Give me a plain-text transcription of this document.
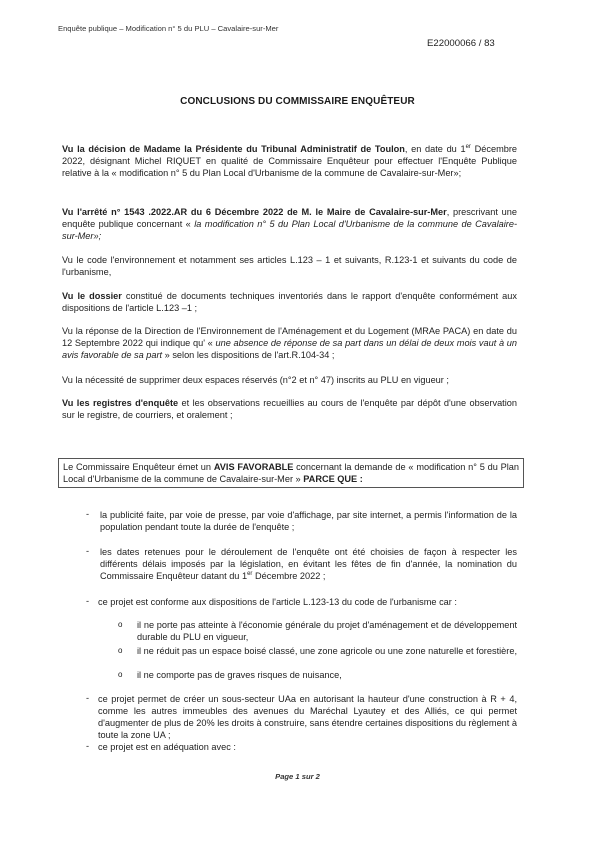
Enquête publique – Modification n° 5 du PLU – Cavalaire-sur-Mer
E22000066 / 83
CONCLUSIONS DU COMMISSAIRE ENQUÊTEUR
Vu la décision de Madame la Présidente du Tribunal Administratif de Toulon, en date du 1er Décembre 2022, désignant Michel RIQUET en qualité de Commissaire Enquêteur pour effectuer l'Enquête Publique relative à la « modification n° 5 du Plan Local d'Urbanisme de la commune de Cavalaire-sur-Mer»;
Vu l'arrêté n° 1543 .2022.AR du 6 Décembre 2022 de M. le Maire de Cavalaire-sur-Mer, prescrivant une enquête publique concernant « la modification n° 5 du Plan Local d'Urbanisme de la commune de Cavalaire-sur-Mer»;
Vu le code l'environnement et notamment ses articles L.123 – 1 et suivants, R.123-1 et suivants du code de l'urbanisme,
Vu le dossier constitué de documents techniques inventoriés dans le rapport d'enquête conformément aux dispositions de l'article L.123 –1 ;
Vu la réponse de la Direction de l'Environnement de l'Aménagement et du Logement (MRAe PACA) en date du 12 Septembre 2022 qui indique qu' « une absence de réponse de sa part dans un délai de deux mois vaut à un avis favorable de sa part » selon les dispositions de l'art.R.104-34 ;
Vu la nécessité de supprimer deux espaces réservés (n°2 et n° 47) inscrits au PLU en vigueur ;
Vu les registres d'enquête et les observations recueillies au cours de l'enquête par dépôt d'une observation sur le registre, de courriers, et oralement ;
Le Commissaire Enquêteur émet un AVIS FAVORABLE concernant la demande de « modification n° 5 du Plan Local d'Urbanisme de la commune de Cavalaire-sur-Mer » PARCE QUE :
- la publicité faite, par voie de presse, par voie d'affichage, par site internet, a permis l'information de la population pendant toute la durée de l'enquête ;
- les dates retenues pour le déroulement de l'enquête ont été choisies de façon à respecter les différents délais imposés par la législation, en évitant les fêtes de fin d'année, la nomination du Commissaire Enquêteur datant du 1er Décembre 2022 ;
- ce projet est conforme aux dispositions de l'article L.123-13 du code de l'urbanisme car :
o il ne porte pas atteinte à l'économie générale du projet d'aménagement et de développement durable du PLU en vigueur,
o il ne réduit pas un espace boisé classé, une zone agricole ou une zone naturelle et forestière,
o il ne comporte pas de graves risques de nuisance,
- ce projet permet de créer un sous-secteur UAa en autorisant la hauteur d'une construction à R + 4, comme les autres immeubles des avenues du Maréchal Lyautey et des Alliés, ce qui permet d'augmenter de plus de 20% les droits à construire, sans étendre certaines dispositions du règlement à toute la zone UA ;
- ce projet est en adéquation avec :
Page 1 sur 2
